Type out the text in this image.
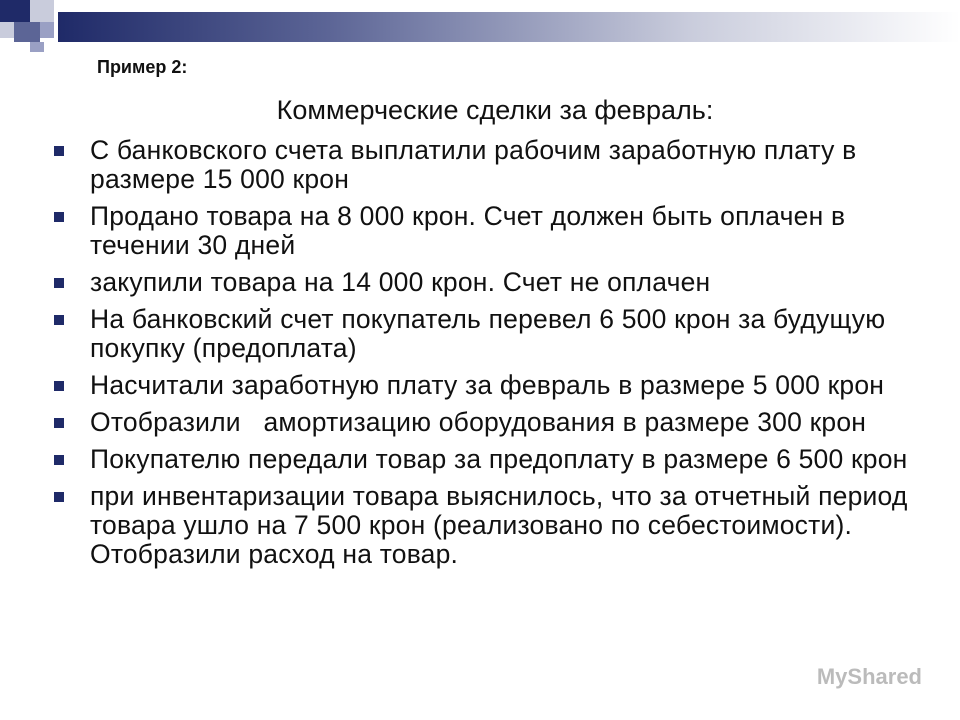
Пример 2:
Коммерческие сделки за февраль:
С банковского счета выплатили рабочим заработную плату в размере 15 000 крон
Продано товара на 8 000 крон. Счет должен быть оплачен в течении 30 дней
закупили товара на 14 000 крон. Счет не оплачен
На банковский счет покупатель перевел 6 500 крон за будущую покупку (предоплата)
Насчитали заработную плату за февраль в размере 5 000 крон
Отобразили   амортизацию оборудования в размере 300 крон
Покупателю передали товар за предоплату в размере 6 500 крон
при инвентаризации товара выяснилось, что за отчетный период товара ушло на 7 500 крон (реализовано по себестоимости). Отобразили расход на товар.
MyShared
